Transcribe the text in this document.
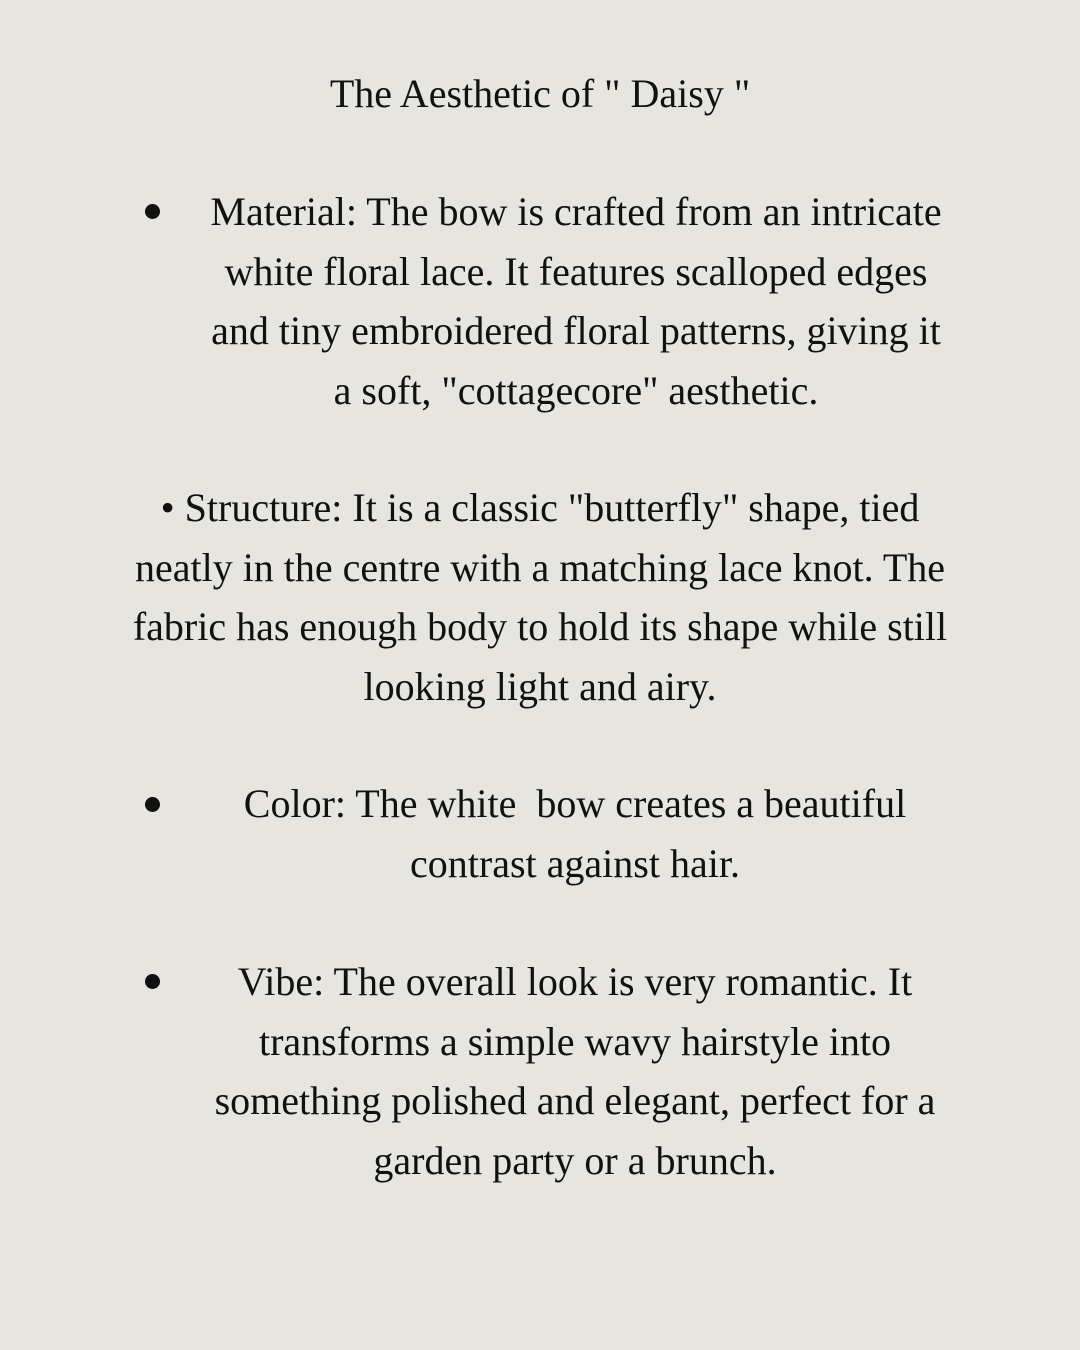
The Aesthetic of " Daisy "
Material: The bow is crafted from an intricate
white floral lace. It features scalloped edges
and tiny embroidered floral patterns, giving it
a soft, "cottagecore" aesthetic.
• Structure: It is a classic "butterfly" shape, tied
neatly in the centre with a matching lace knot. The
fabric has enough body to hold its shape while still
looking light and airy.
Color: The white  bow creates a beautiful
contrast against hair.
Vibe: The overall look is very romantic. It
transforms a simple wavy hairstyle into
something polished and elegant, perfect for a
garden party or a brunch.
